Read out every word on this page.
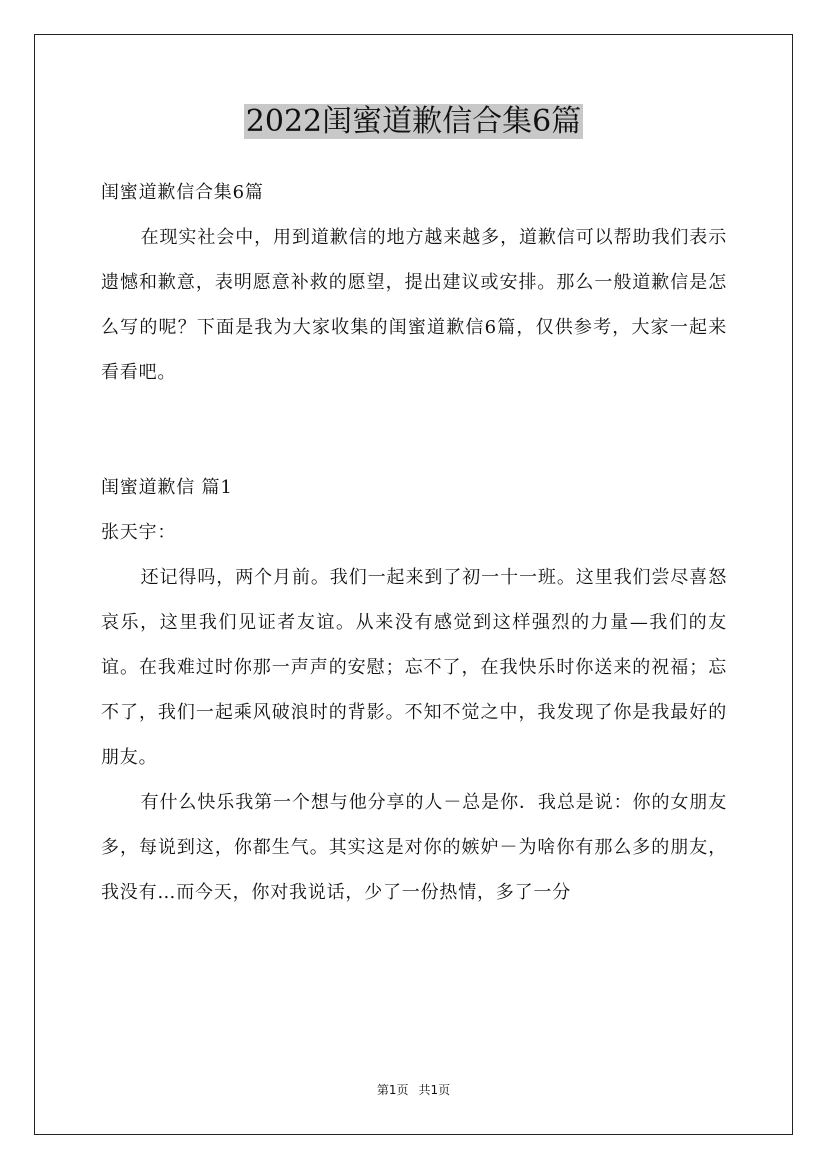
2022闺蜜道歉信合集6篇

闺蜜道歉信合集6篇

在现实社会中，用到道歉信的地方越来越多，道歉信可以帮助我们表示遗憾和歉意，表明愿意补救的愿望，提出建议或安排。那么一般道歉信是怎么写的呢？下面是我为大家收集的闺蜜道歉信6篇，仅供参考，大家一起来看看吧。

闺蜜道歉信 篇1

张天宇：

还记得吗，两个月前。我们一起来到了初一十一班。这里我们尝尽喜怒哀乐，这里我们见证者友谊。从来没有感觉到这样强烈的力量—我们的友谊。在我难过时你那一声声的安慰；忘不了，在我快乐时你送来的祝福；忘不了，我们一起乘风破浪时的背影。不知不觉之中，我发现了你是我最好的朋友。

有什么快乐我第一个想与他分享的人－总是你．我总是说：你的女朋友多，每说到这，你都生气。其实这是对你的嫉妒－为啥你有那么多的朋友，我没有…而今天，你对我说话，少了一份热情，多了一分

第1页 共1页
